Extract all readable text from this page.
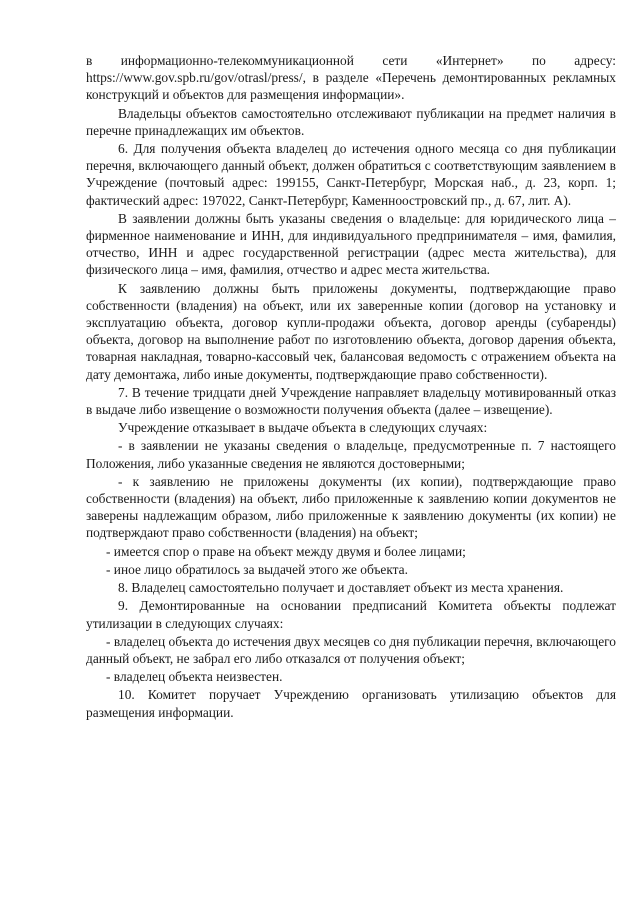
в информационно-телекоммуникационной сети «Интернет» по адресу: https://www.gov.spb.ru/gov/otrasl/press/, в разделе «Перечень демонтированных рекламных конструкций и объектов для размещения информации».

Владельцы объектов самостоятельно отслеживают публикации на предмет наличия в перечне принадлежащих им объектов.

6. Для получения объекта владелец до истечения одного месяца со дня публикации перечня, включающего данный объект, должен обратиться с соответствующим заявлением в Учреждение (почтовый адрес: 199155, Санкт-Петербург, Морская наб., д. 23, корп. 1; фактический адрес: 197022, Санкт-Петербург, Каменноостровский пр., д. 67, лит. А).

В заявлении должны быть указаны сведения о владельце: для юридического лица – фирменное наименование и ИНН, для индивидуального предпринимателя – имя, фамилия, отчество, ИНН и адрес государственной регистрации (адрес места жительства), для физического лица – имя, фамилия, отчество и адрес места жительства.

К заявлению должны быть приложены документы, подтверждающие право собственности (владения) на объект, или их заверенные копии (договор на установку и эксплуатацию объекта, договор купли-продажи объекта, договор аренды (субаренды) объекта, договор на выполнение работ по изготовлению объекта, договор дарения объекта, товарная накладная, товарно-кассовый чек, балансовая ведомость с отражением объекта на дату демонтажа, либо иные документы, подтверждающие право собственности).

7. В течение тридцати дней Учреждение направляет владельцу мотивированный отказ в выдаче либо извещение о возможности получения объекта (далее – извещение).

Учреждение отказывает в выдаче объекта в следующих случаях:

- в заявлении не указаны сведения о владельце, предусмотренные п. 7 настоящего Положения, либо указанные сведения не являются достоверными;

- к заявлению не приложены документы (их копии), подтверждающие право собственности (владения) на объект, либо приложенные к заявлению копии документов не заверены надлежащим образом, либо приложенные к заявлению документы (их копии) не подтверждают право собственности (владения) на объект;

- имеется спор о праве на объект между двумя и более лицами;

- иное лицо обратилось за выдачей этого же объекта.

8. Владелец самостоятельно получает и доставляет объект из места хранения.

9. Демонтированные на основании предписаний Комитета объекты подлежат утилизации в следующих случаях:

- владелец объекта до истечения двух месяцев со дня публикации перечня, включающего данный объект, не забрал его либо отказался от получения объект;

- владелец объекта неизвестен.

10. Комитет поручает Учреждению организовать утилизацию объектов для размещения информации.
